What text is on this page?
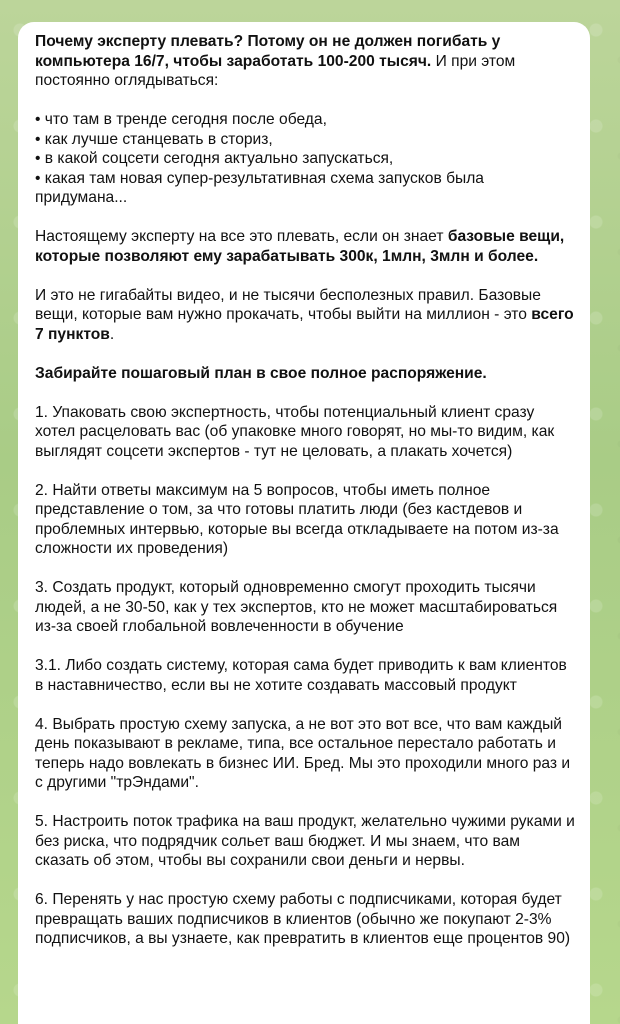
Почему эксперту плевать? Потому он не должен погибать у компьютера 16/7, чтобы заработать 100-200 тысяч. И при этом постоянно оглядываться:

• что там в тренде сегодня после обеда,
• как лучше станцевать в сториз,
• в какой соцсети сегодня актуально запускаться,
• какая там новая супер-результативная схема запусков была придумана...

Настоящему эксперту на все это плевать, если он знает базовые вещи, которые позволяют ему зарабатывать 300к, 1млн, 3млн и более.

И это не гигабайты видео, и не тысячи бесполезных правил. Базовые вещи, которые вам нужно прокачать, чтобы выйти на миллион - это всего 7 пунктов.

Забирайте пошаговый план в свое полное распоряжение.

1. Упаковать свою экспертность, чтобы потенциальный клиент сразу хотел расцеловать вас (об упаковке много говорят, но мы-то видим, как выглядят соцсети экспертов - тут не целовать, а плакать хочется)

2. Найти ответы максимум на 5 вопросов, чтобы иметь полное представление о том, за что готовы платить люди (без кастдевов и проблемных интервью, которые вы всегда откладываете на потом из-за сложности их проведения)

3. Создать продукт, который одновременно смогут проходить тысячи людей, а не 30-50, как у тех экспертов, кто не может масштабироваться из-за своей глобальной вовлеченности в обучение

3.1. Либо создать систему, которая сама будет приводить к вам клиентов в наставничество, если вы не хотите создавать массовый продукт

4. Выбрать простую схему запуска, а не вот это вот все, что вам каждый день показывают в рекламе, типа, все остальное перестало работать и теперь надо вовлекать в бизнес ИИ. Бред. Мы это проходили много раз и с другими "трЭндами".

5. Настроить поток трафика на ваш продукт, желательно чужими руками и без риска, что подрядчик сольет ваш бюджет. И мы знаем, что вам сказать об этом, чтобы вы сохранили свои деньги и нервы.

6. Перенять у нас простую схему работы с подписчиками, которая будет превращать ваших подписчиков в клиентов (обычно же покупают 2-3% подписчиков, а вы узнаете, как превратить в клиентов еще процентов 90)
